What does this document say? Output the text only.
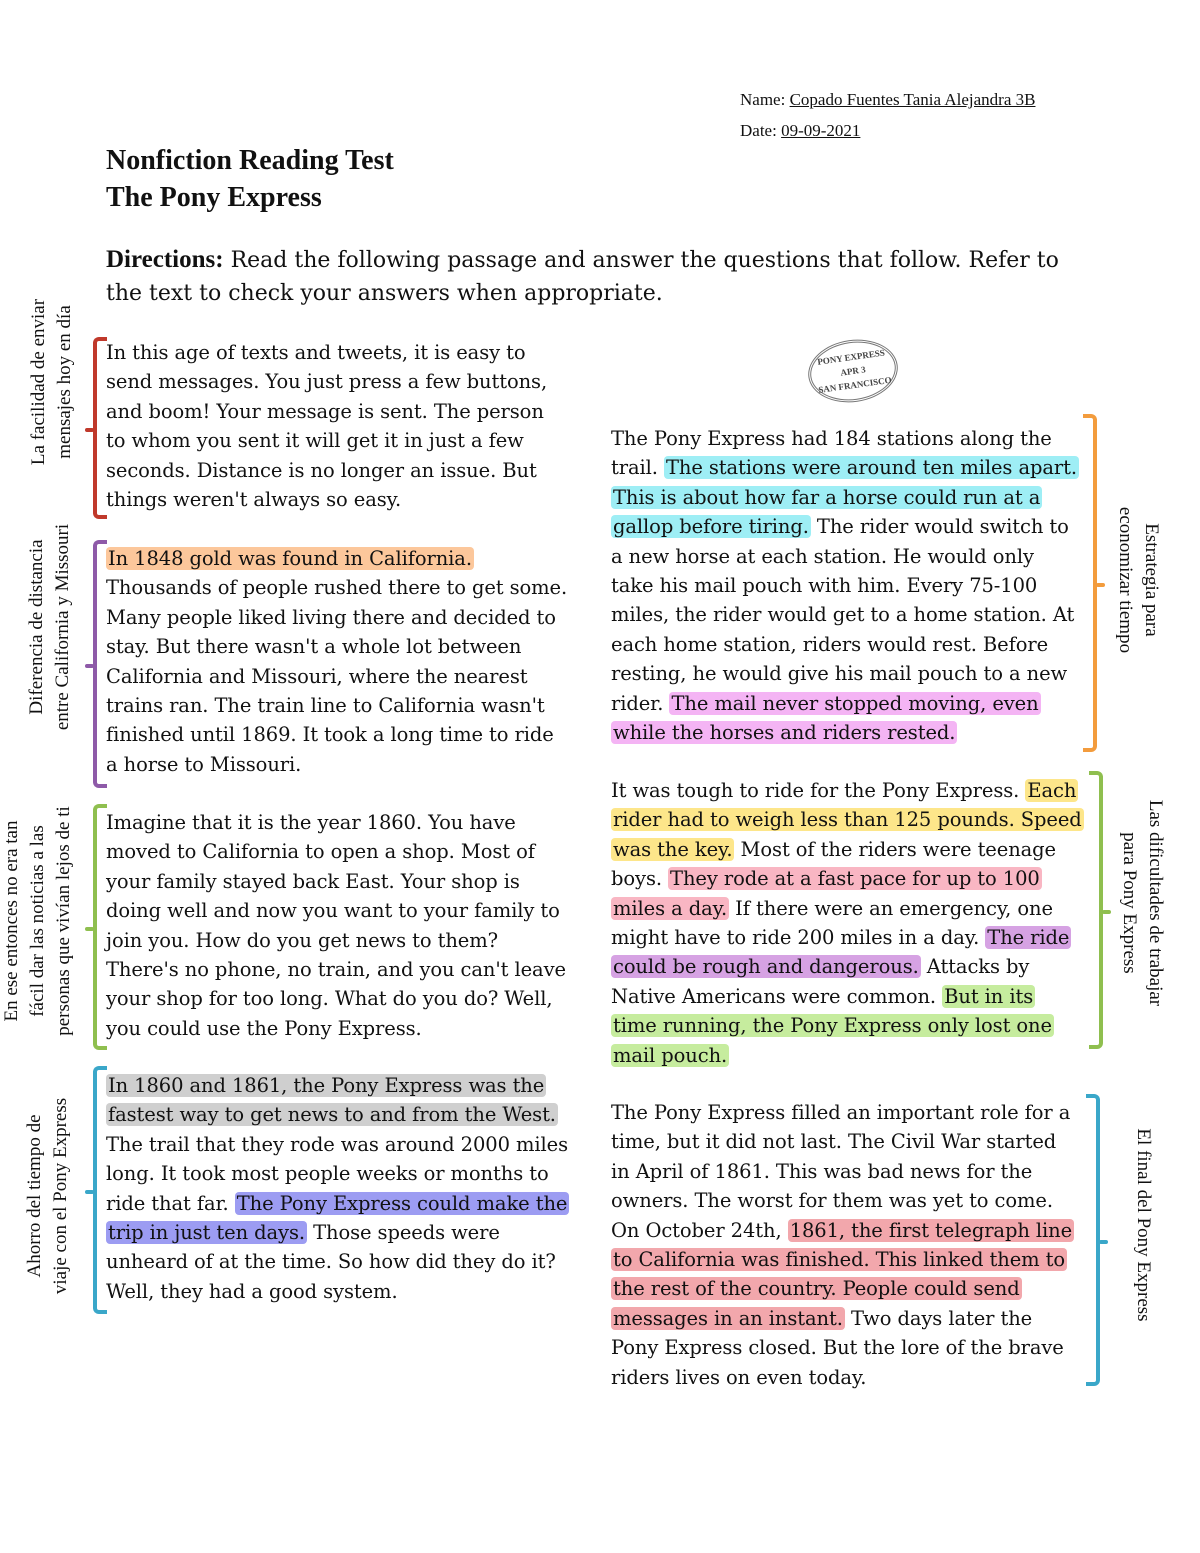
Name: Copado Fuentes Tania Alejandra 3B
Date: 09-09-2021
Nonfiction Reading Test
The Pony Express
Directions: Read the following passage and answer the questions that follow. Refer to the text to check your answers when appropriate.
PONY EXPRESS
APR 3
SAN FRANCISCO
La facilidad de enviar mensajes hoy en día
Diferencia de distancia entre California y Missouri
En ese entonces no era tan fácil dar las noticias a las personas que vivían lejos de ti
Ahorro del tiempo de viaje con el Pony Express
Estrategia para
economizar tiempo
Las dificultades de trabajar
para Pony Express
El final del Pony Express
In this age of texts and tweets, it is easy to
send messages. You just press a few buttons,
and boom! Your message is sent. The person
to whom you sent it will get it in just a few
seconds. Distance is no longer an issue. But
things weren't always so easy.
In 1848 gold was found in California.
Thousands of people rushed there to get some.
Many people liked living there and decided to
stay. But there wasn't a whole lot between
California and Missouri, where the nearest
trains ran. The train line to California wasn't
finished until 1869. It took a long time to ride
a horse to Missouri.
Imagine that it is the year 1860. You have
moved to California to open a shop. Most of
your family stayed back East. Your shop is
doing well and now you want to your family to
join you. How do you get news to them?
There's no phone, no train, and you can't leave
your shop for too long. What do you do? Well,
you could use the Pony Express.
In 1860 and 1861, the Pony Express was the
fastest way to get news to and from the West.
The trail that they rode was around 2000 miles
long. It took most people weeks or months to
ride that far. The Pony Express could make the
trip in just ten days. Those speeds were
unheard of at the time. So how did they do it?
Well, they had a good system.
The Pony Express had 184 stations along the
trail. The stations were around ten miles apart.
This is about how far a horse could run at a
gallop before tiring. The rider would switch to
a new horse at each station. He would only
take his mail pouch with him. Every 75-100
miles, the rider would get to a home station. At
each home station, riders would rest. Before
resting, he would give his mail pouch to a new
rider. The mail never stopped moving, even
while the horses and riders rested.
It was tough to ride for the Pony Express. Each
rider had to weigh less than 125 pounds. Speed
was the key. Most of the riders were teenage
boys. They rode at a fast pace for up to 100
miles a day. If there were an emergency, one
might have to ride 200 miles in a day. The ride
could be rough and dangerous. Attacks by
Native Americans were common. But in its
time running, the Pony Express only lost one
mail pouch.
The Pony Express filled an important role for a
time, but it did not last. The Civil War started
in April of 1861. This was bad news for the
owners. The worst for them was yet to come.
On October 24th, 1861, the first telegraph line
to California was finished. This linked them to
the rest of the country. People could send
messages in an instant. Two days later the
Pony Express closed. But the lore of the brave
riders lives on even today.
